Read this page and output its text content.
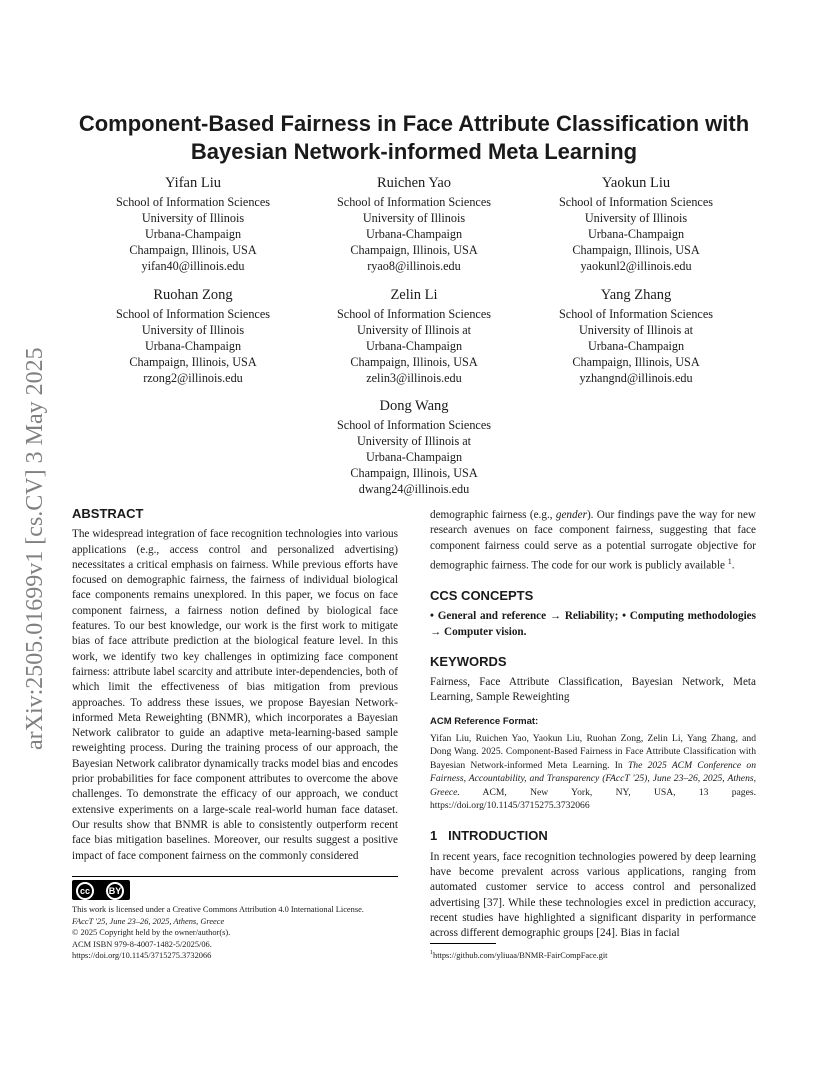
Component-Based Fairness in Face Attribute Classification with
Bayesian Network-informed Meta Learning
arXiv:2505.01699v1 [cs.CV] 3 May 2025
Yifan Liu
School of Information Sciences
University of Illinois
Urbana-Champaign
Champaign, Illinois, USA
yifan40@illinois.edu
Ruichen Yao
School of Information Sciences
University of Illinois
Urbana-Champaign
Champaign, Illinois, USA
ryao8@illinois.edu
Yaokun Liu
School of Information Sciences
University of Illinois
Urbana-Champaign
Champaign, Illinois, USA
yaokunl2@illinois.edu
Ruohan Zong
School of Information Sciences
University of Illinois
Urbana-Champaign
Champaign, Illinois, USA
rzong2@illinois.edu
Zelin Li
School of Information Sciences
University of Illinois at
Urbana-Champaign
Champaign, Illinois, USA
zelin3@illinois.edu
Yang Zhang
School of Information Sciences
University of Illinois at
Urbana-Champaign
Champaign, Illinois, USA
yzhangnd@illinois.edu
Dong Wang
School of Information Sciences
University of Illinois at
Urbana-Champaign
Champaign, Illinois, USA
dwang24@illinois.edu

ABSTRACT

The widespread integration of face recognition technologies into various applications (e.g., access control and personalized advertising) necessitates a critical emphasis on fairness. While previous efforts have focused on demographic fairness, the fairness of individual biological face components remains unexplored. In this paper, we focus on face component fairness, a fairness notion defined by biological face features. To our best knowledge, our work is the first work to mitigate bias of face attribute prediction at the biological feature level. In this work, we identify two key challenges in optimizing face component fairness: attribute label scarcity and attribute inter-dependencies, both of which limit the effectiveness of bias mitigation from previous approaches. To address these issues, we propose Bayesian Network-informed Meta Reweighting (BNMR), which incorporates a Bayesian Network calibrator to guide an adaptive meta-learning-based sample reweighting process. During the training process of our approach, the Bayesian Network calibrator dynamically tracks model bias and encodes prior probabilities for face component attributes to overcome the above challenges. To demonstrate the efficacy of our approach, we conduct extensive experiments on a large-scale real-world human face dataset. Our results show that BNMR is able to consistently outperform recent face bias mitigation baselines. Moreover, our results suggest a positive impact of face component fairness on the commonly considered

cc	BY
This work is licensed under a Creative Commons Attribution 4.0 International License.
FAccT '25, June 23–26, 2025, Athens, Greece
© 2025 Copyright held by the owner/author(s).
ACM ISBN 979-8-4007-1482-5/2025/06.
https://doi.org/10.1145/3715275.3732066

demographic fairness (e.g., gender). Our findings pave the way for new research avenues on face component fairness, suggesting that face component fairness could serve as a potential surrogate objective for demographic fairness. The code for our work is publicly available $^1$.

CCS CONCEPTS

• General and reference → Reliability; • Computing methodologies → Computer vision.

KEYWORDS

Fairness, Face Attribute Classification, Bayesian Network, Meta Learning, Sample Reweighting

ACM Reference Format:

Yifan Liu, Ruichen Yao, Yaokun Liu, Ruohan Zong, Zelin Li, Yang Zhang, and Dong Wang. 2025. Component-Based Fairness in Face Attribute Classification with Bayesian Network-informed Meta Learning. In The 2025 ACM Conference on Fairness, Accountability, and Transparency (FAccT '25), June 23–26, 2025, Athens, Greece. ACM, New York, NY, USA, 13 pages. https://doi.org/10.1145/3715275.3732066

1 INTRODUCTION

In recent years, face recognition technologies powered by deep learning have become prevalent across various applications, ranging from automated customer service to access control and personalized advertising [37]. While these technologies excel in prediction accuracy, recent studies have highlighted a significant disparity in performance across different demographic groups [24]. Bias in facial

$^1$https://github.com/yliuaa/BNMR-FairCompFace.git
